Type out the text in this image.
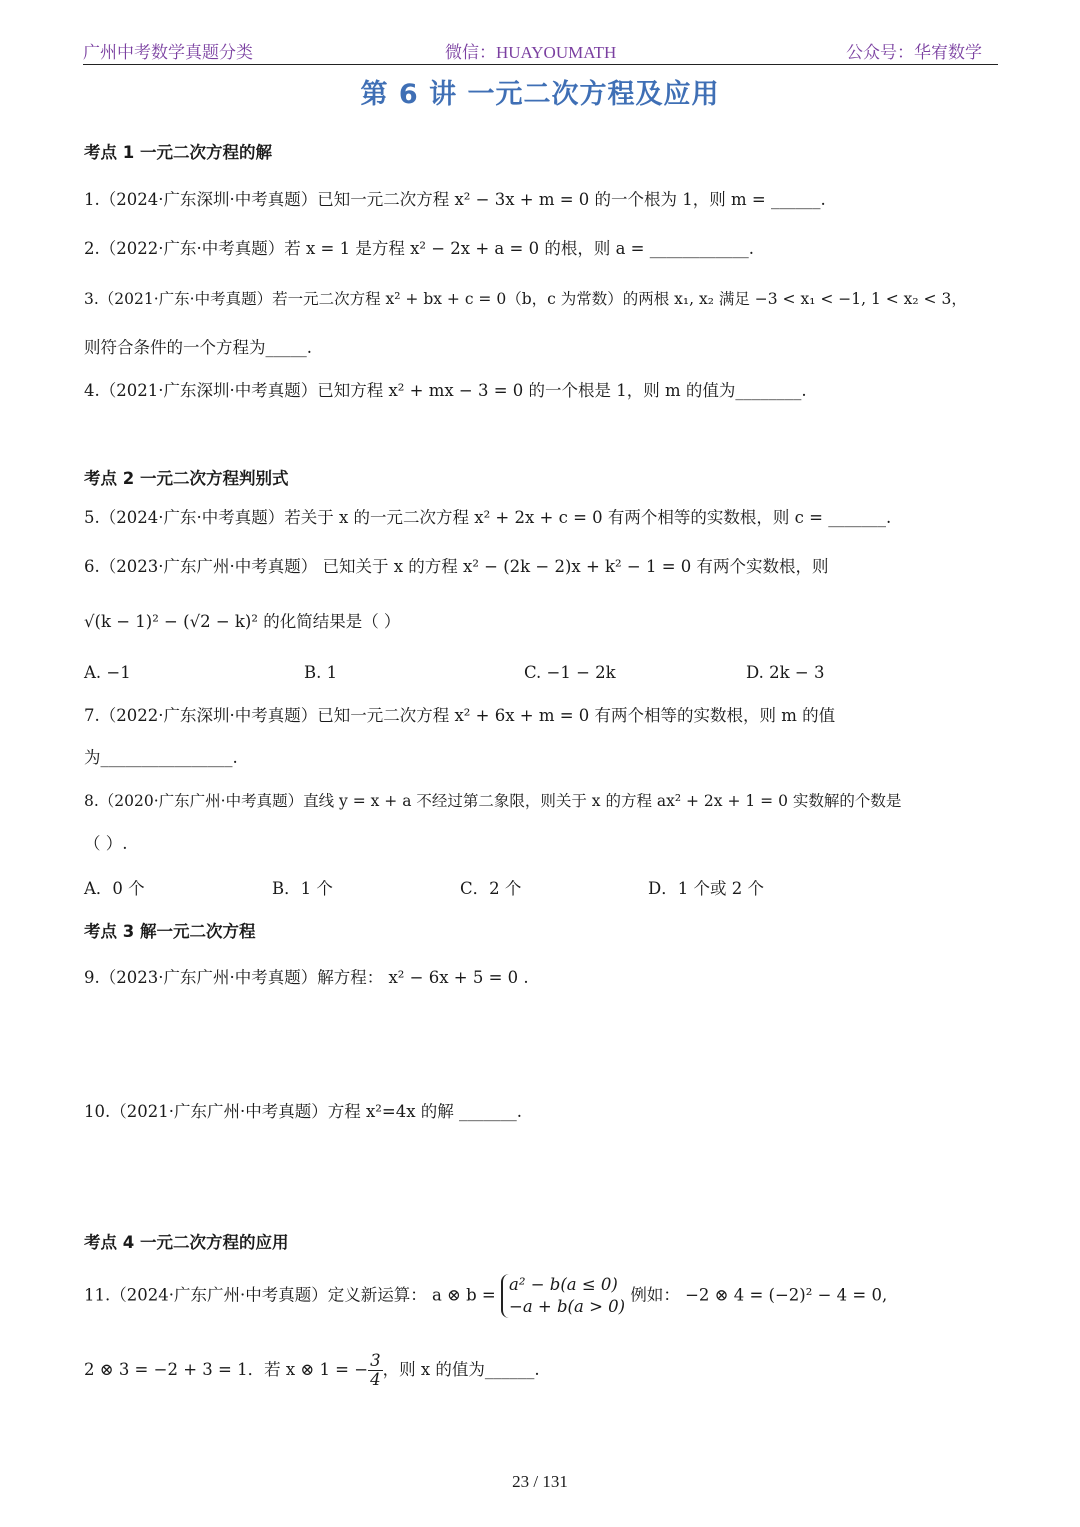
广州中考数学真题分类	微信：HUAYOUMATH	公众号：华宥数学
第 6 讲 一元二次方程及应用
考点 1 一元二次方程的解
1.（2024·广东深圳·中考真题）已知一元二次方程 x² − 3x + m = 0 的一个根为 1，则 m = ______.
2.（2022·广东·中考真题）若 x = 1 是方程 x² − 2x + a = 0 的根，则 a = ____________.
3.（2021·广东·中考真题）若一元二次方程 x² + bx + c = 0（b，c 为常数）的两根 x₁, x₂ 满足 −3 < x₁ < −1, 1 < x₂ < 3，
则符合条件的一个方程为_____.
4.（2021·广东深圳·中考真题）已知方程 x² + mx − 3 = 0 的一个根是 1，则 m 的值为________.
考点 2 一元二次方程判别式
5.（2024·广东·中考真题）若关于 x 的一元二次方程 x² + 2x + c = 0 有两个相等的实数根，则 c = _______.
6.（2023·广东广州·中考真题） 已知关于 x 的方程 x² − (2k − 2)x + k² − 1 = 0 有两个实数根，则
√(k − 1)² − (√2 − k)² 的化简结果是（ ）
A. −1	B. 1	C. −1 − 2k	D. 2k − 3
7.（2022·广东深圳·中考真题）已知一元二次方程 x² + 6x + m = 0 有两个相等的实数根，则 m 的值
为________________.
8.（2020·广东广州·中考真题）直线 y = x + a 不经过第二象限，则关于 x 的方程 ax² + 2x + 1 = 0 实数解的个数是
（ ）.
A．0 个	B．1 个	C．2 个	D．1 个或 2 个
考点 3 解一元二次方程
9.（2023·广东广州·中考真题）解方程： x² − 6x + 5 = 0 .
10.（2021·广东广州·中考真题）方程 x²=4x 的解 _______.
考点 4 一元二次方程的应用
11.（2024·广东广州·中考真题）定义新运算： a ⊗ b =
a² − b(a ≤ 0)
−a + b(a > 0)
例如： −2 ⊗ 4 = (−2)² − 4 = 0,
2 ⊗ 3 = −2 + 3 = 1．若 x ⊗ 1 = − $\frac{3}{4}$ ，则 x 的值为______.
23 / 131
